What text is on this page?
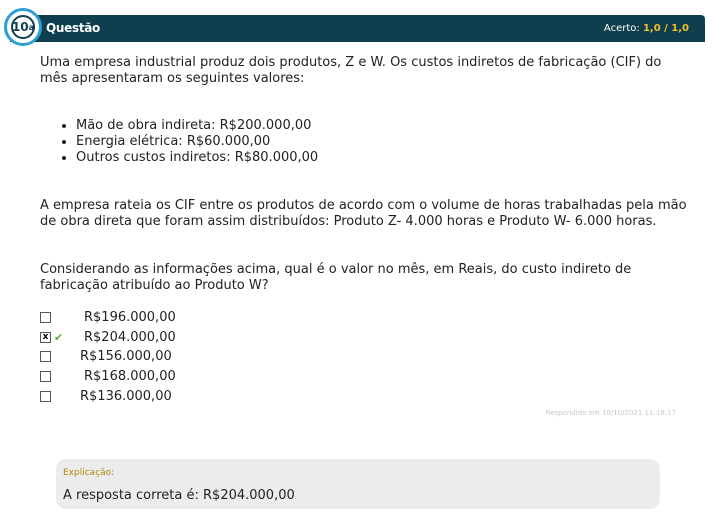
Questão	Acerto: 1,0 / 1,0
10 a
Uma empresa industrial produz dois produtos, Z e W. Os custos indiretos de fabricação (CIF) do
mês apresentaram os seguintes valores:
• Mão de obra indireta: R$200.000,00
• Energia elétrica: R$60.000,00
• Outros custos indiretos: R$80.000,00
A empresa rateia os CIF entre os produtos de acordo com o volume de horas trabalhadas pela mão
de obra direta que foram assim distribuídos: Produto Z- 4.000 horas e Produto W- 6.000 horas.
Considerando as informações acima, qual é o valor no mês, em Reais, do custo indireto de
fabricação atribuído ao Produto W?
R$196.000,00
x ✔ R$204.000,00
R$156.000,00
R$168.000,00
R$136.000,00
Respondido em 10/10/2021 11:18:17
Explicação:
A resposta correta é: R$204.000,00
